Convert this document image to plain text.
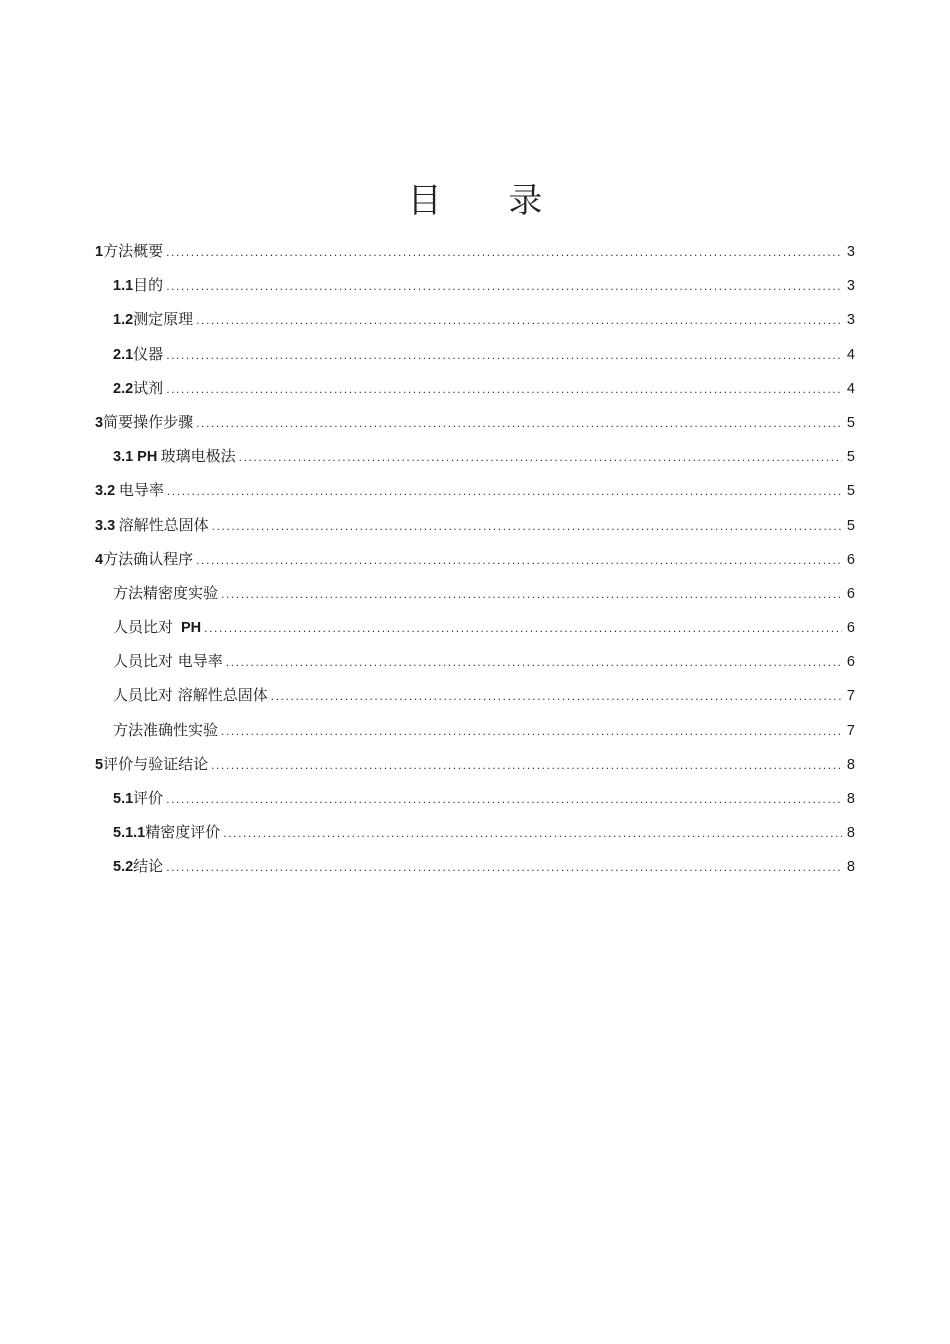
目 录
1 方法概要 .....	3
1.1 目的 .....	3
1.2 测定原理 .....	3
2.1 仪器 .....	4
2.2 试剂 .....	4
3 简要操作步骤 .....	5
3.1 PH 玻璃电极法 .....	5
3.2 电导率 .....	5
3.3 溶解性总固体 .....	5
4 方法确认程序 .....	6
方法精密度实验 .....	6
人员比对 PH .....	6
人员比对 电导率 .....	6
人员比对 溶解性总固体 .....	7
方法准确性实验 .....	7
5 评价与验证结论 .....	8
5.1 评价 .....	8
5.1.1 精密度评价 .....	8
5.2 结论 .....	8
